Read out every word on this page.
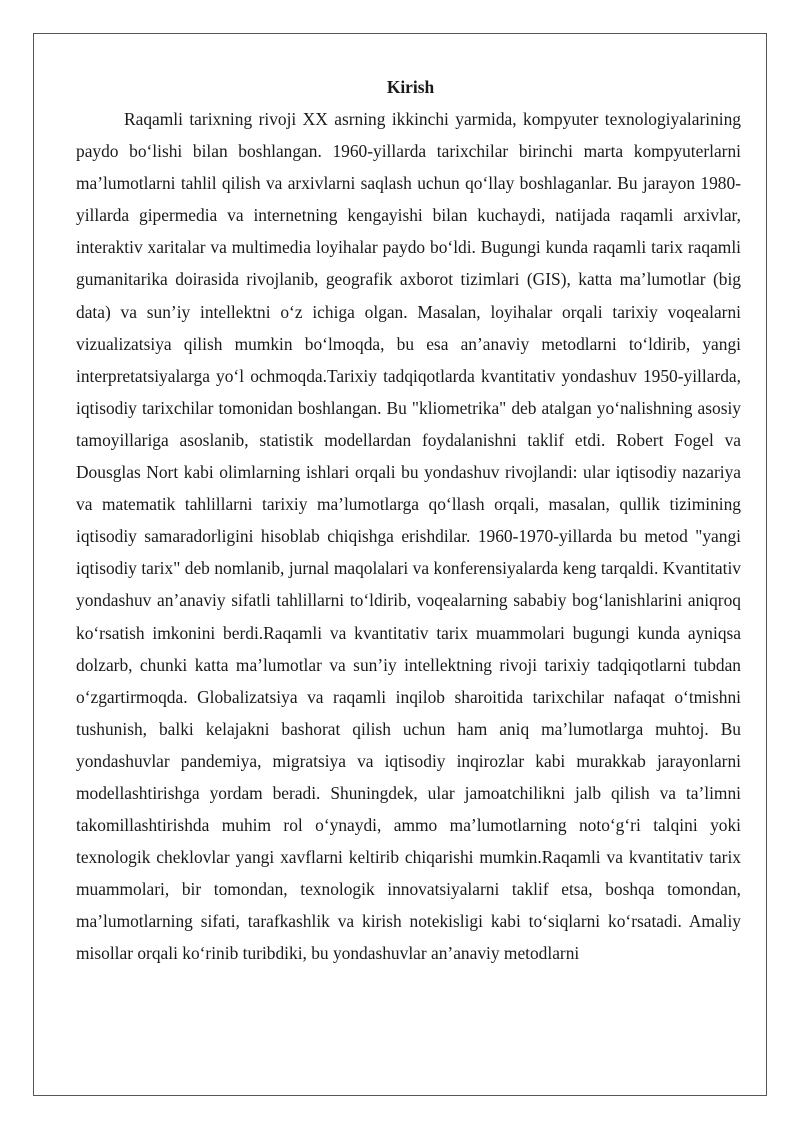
Kirish

Raqamli tarixning rivoji XX asrning ikkinchi yarmida, kompyuter texnologiyalarining paydo bo‘lishi bilan boshlangan. 1960-yillarda tarixchilar birinchi marta kompyuterlarni ma’lumotlarni tahlil qilish va arxivlarni saqlash uchun qo‘llay boshlaganlar. Bu jarayon 1980-yillarda gipermedia va internetning kengayishi bilan kuchaydi, natijada raqamli arxivlar, interaktiv xaritalar va multimedia loyihalar paydo bo‘ldi. Bugungi kunda raqamli tarix raqamli gumanitarika doirasida rivojlanib, geografik axborot tizimlari (GIS), katta ma’lumotlar (big data) va sun’iy intellektni o‘z ichiga olgan. Masalan, loyihalar orqali tarixiy voqealarni vizualizatsiya qilish mumkin bo‘lmoqda, bu esa an’anaviy metodlarni to‘ldirib, yangi interpretatsiyalarga yo‘l ochmoqda.Tarixiy tadqiqotlarda kvantitativ yondashuv 1950-yillarda, iqtisodiy tarixchilar tomonidan boshlangan. Bu "kliometrika" deb atalgan yo‘nalishning asosiy tamoyillariga asoslanib, statistik modellardan foydalanishni taklif etdi. Robert Fogel va Dousglas Nort kabi olimlarning ishlari orqali bu yondashuv rivojlandi: ular iqtisodiy nazariya va matematik tahlillarni tarixiy ma’lumotlarga qo‘llash orqali, masalan, qullik tizimining iqtisodiy samaradorligini hisoblab chiqishga erishdilar. 1960-1970-yillarda bu metod "yangi iqtisodiy tarix" deb nomlanib, jurnal maqolalari va konferensiyalarda keng tarqaldi. Kvantitativ yondashuv an’anaviy sifatli tahlillarni to‘ldirib, voqealarning sababiy bog‘lanishlarini aniqroq ko‘rsatish imkonini berdi.Raqamli va kvantitativ tarix muammolari bugungi kunda ayniqsa dolzarb, chunki katta ma’lumotlar va sun’iy intellektning rivoji tarixiy tadqiqotlarni tubdan o‘zgartirmoqda. Globalizatsiya va raqamli inqilob sharoitida tarixchilar nafaqat o‘tmishni tushunish, balki kelajakni bashorat qilish uchun ham aniq ma’lumotlarga muhtoj. Bu yondashuvlar pandemiya, migratsiya va iqtisodiy inqirozlar kabi murakkab jarayonlarni modellashtirishga yordam beradi. Shuningdek, ular jamoatchilikni jalb qilish va ta’limni takomillashtirishda muhim rol o‘ynaydi, ammo ma’lumotlarning noto‘g‘ri talqini yoki texnologik cheklovlar yangi xavflarni keltirib chiqarishi mumkin.Raqamli va kvantitativ tarix muammolari, bir tomondan, texnologik innovatsiyalarni taklif etsa, boshqa tomondan, ma’lumotlarning sifati, tarafkashlik va kirish notekisligi kabi to‘siqlarni ko‘rsatadi. Amaliy misollar orqali ko‘rinib turibdiki, bu yondashuvlar an’anaviy metodlarni
